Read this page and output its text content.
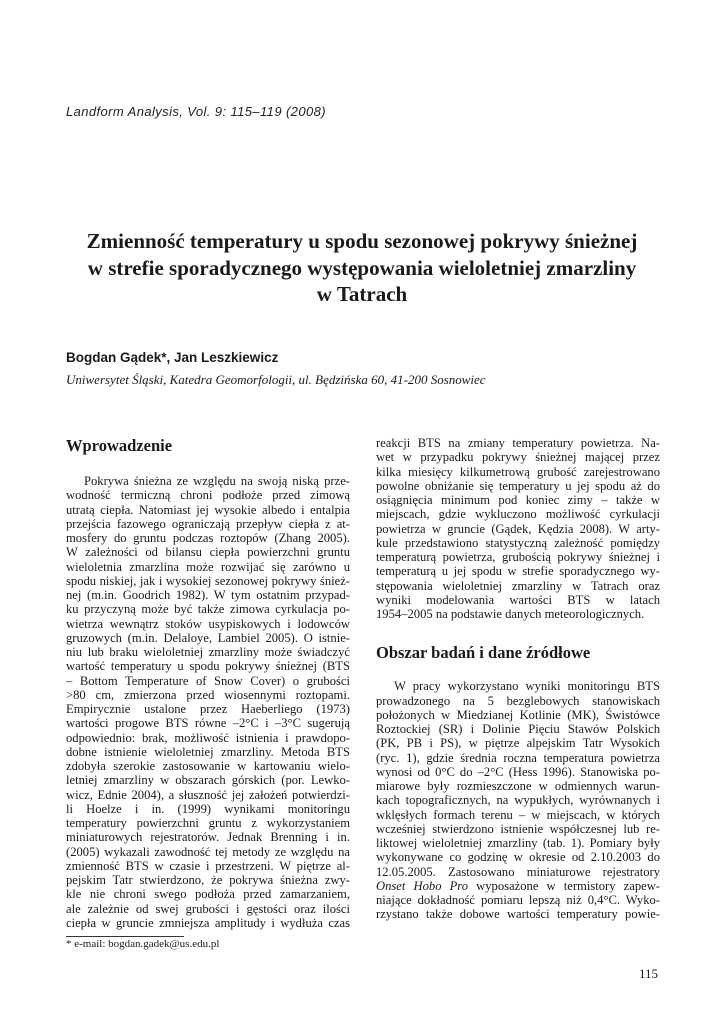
Landform Analysis, Vol. 9: 115–119 (2008)
Zmienność temperatury u spodu sezonowej pokrywy śnieżnej
w strefie sporadycznego występowania wieloletniej zmarzliny
w Tatrach
Bogdan Gądek*, Jan Leszkiewicz
Uniwersytet Śląski, Katedra Geomorfologii, ul. Będzińska 60, 41-200 Sosnowiec
Wprowadzenie
Pokrywa śnieżna ze względu na swoją niską prze-
wodność termiczną chroni podłoże przed zimową
utratą ciepła. Natomiast jej wysokie albedo i entalpia
przejścia fazowego ograniczają przepływ ciepła z at-
mosfery do gruntu podczas roztopów (Zhang 2005).
W zależności od bilansu ciepła powierzchni gruntu
wieloletnia zmarzlina może rozwijać się zarówno u
spodu niskiej, jak i wysokiej sezonowej pokrywy śnież-
nej (m.in. Goodrich 1982). W tym ostatnim przypad-
ku przyczyną może być także zimowa cyrkulacja po-
wietrza wewnątrz stoków usypiskowych i lodowców
gruzowych (m.in. Delaloye, Lambiel 2005). O istnie-
niu lub braku wieloletniej zmarzliny może świadczyć
wartość temperatury u spodu pokrywy śnieżnej (BTS
– Bottom Temperature of Snow Cover) o grubości
>80 cm, zmierzona przed wiosennymi roztopami.
Empirycznie ustalone przez Haeberliego (1973)
wartości progowe BTS równe –2°C i –3°C sugerują
odpowiednio: brak, możliwość istnienia i prawdopo-
dobne istnienie wieloletniej zmarzliny. Metoda BTS
zdobyła szerokie zastosowanie w kartowaniu wielo-
letniej zmarzliny w obszarach górskich (por. Lewko-
wicz, Ednie 2004), a słuszność jej założeń potwierdzi-
li Hoelze i in. (1999) wynikami monitoringu
temperatury powierzchni gruntu z wykorzystaniem
miniaturowych rejestratorów. Jednak Brenning i in.
(2005) wykazali zawodność tej metody ze względu na
zmienność BTS w czasie i przestrzeni. W piętrze al-
pejskim Tatr stwierdzono, że pokrywa śnieżna zwy-
kle nie chroni swego podłoża przed zamarzaniem,
ale zależnie od swej grubości i gęstości oraz ilości
ciepła w gruncie zmniejsza amplitudy i wydłuża czas
reakcji BTS na zmiany temperatury powietrza. Na-
wet w przypadku pokrywy śnieżnej mającej przez
kilka miesięcy kilkumetrową grubość zarejestrowano
powolne obniżanie się temperatury u jej spodu aż do
osiągnięcia minimum pod koniec zimy – także w
miejscach, gdzie wykluczono możliwość cyrkulacji
powietrza w gruncie (Gądek, Kędzia 2008). W arty-
kule przedstawiono statystyczną zależność pomiędzy
temperaturą powietrza, grubością pokrywy śnieżnej i
temperaturą u jej spodu w strefie sporadycznego wy-
stępowania wieloletniej zmarzliny w Tatrach oraz
wyniki modelowania wartości BTS w latach
1954–2005 na podstawie danych meteorologicznych.
Obszar badań i dane źródłowe
W pracy wykorzystano wyniki monitoringu BTS
prowadzonego na 5 bezglebowych stanowiskach
położonych w Miedzianej Kotlinie (MK), Świstówce
Roztockiej (SR) i Dolinie Pięciu Stawów Polskich
(PK, PB i PS), w piętrze alpejskim Tatr Wysokich
(ryc. 1), gdzie średnia roczna temperatura powietrza
wynosi od 0°C do –2°C (Hess 1996). Stanowiska po-
miarowe były rozmieszczone w odmiennych warun-
kach topograficznych, na wypukłych, wyrównanych i
wklęsłych formach terenu – w miejscach, w których
wcześniej stwierdzono istnienie współczesnej lub re-
liktowej wieloletniej zmarzliny (tab. 1). Pomiary były
wykonywane co godzinę w okresie od 2.10.2003 do
12.05.2005. Zastosowano miniaturowe rejestratory
Onset Hobo Pro wyposażone w termistory zapew-
niające dokładność pomiaru lepszą niż 0,4°C. Wyko-
rzystano także dobowe wartości temperatury powie-
* e-mail: bogdan.gadek@us.edu.pl
115
